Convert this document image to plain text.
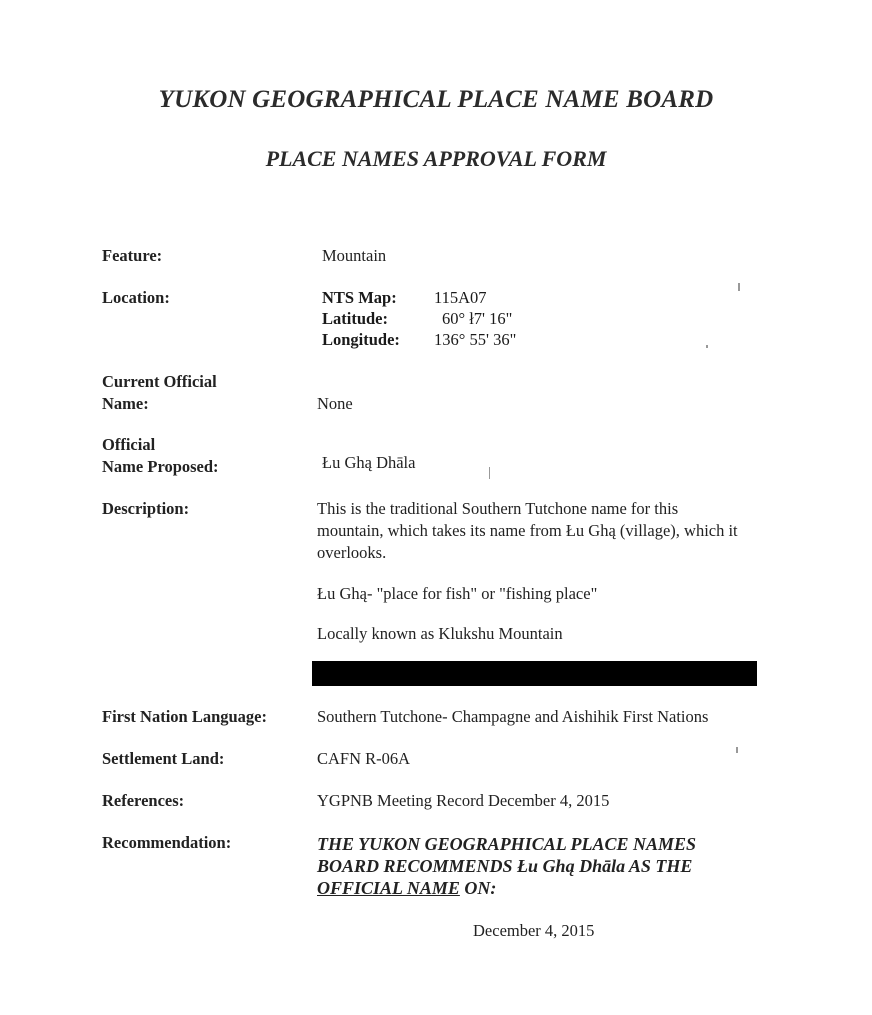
YUKON GEOGRAPHICAL PLACE NAME BOARD
PLACE NAMES APPROVAL FORM
Feature:	Mountain
Location:	NTS Map:	115A07
Latitude:	60° ł7' 16"
Longitude:	136° 55' 36"
Current Official
Name:	None
Official
Name Proposed:	Łu Ghą Dhāla
Description:	This is the traditional Southern Tutchone name for this mountain, which takes its name from Łu Ghą (village), which it overlooks.
Łu Ghą- "place for fish" or "fishing place"
Locally known as Klukshu Mountain
First Nation Language:	Southern Tutchone- Champagne and Aishihik First Nations
Settlement Land:	CAFN R-06A
References:	YGPNB Meeting Record December 4, 2015
Recommendation:	THE YUKON GEOGRAPHICAL PLACE NAMES
BOARD RECOMMENDS Łu Ghą Dhāla AS THE
OFFICIAL NAME ON:
December 4, 2015
